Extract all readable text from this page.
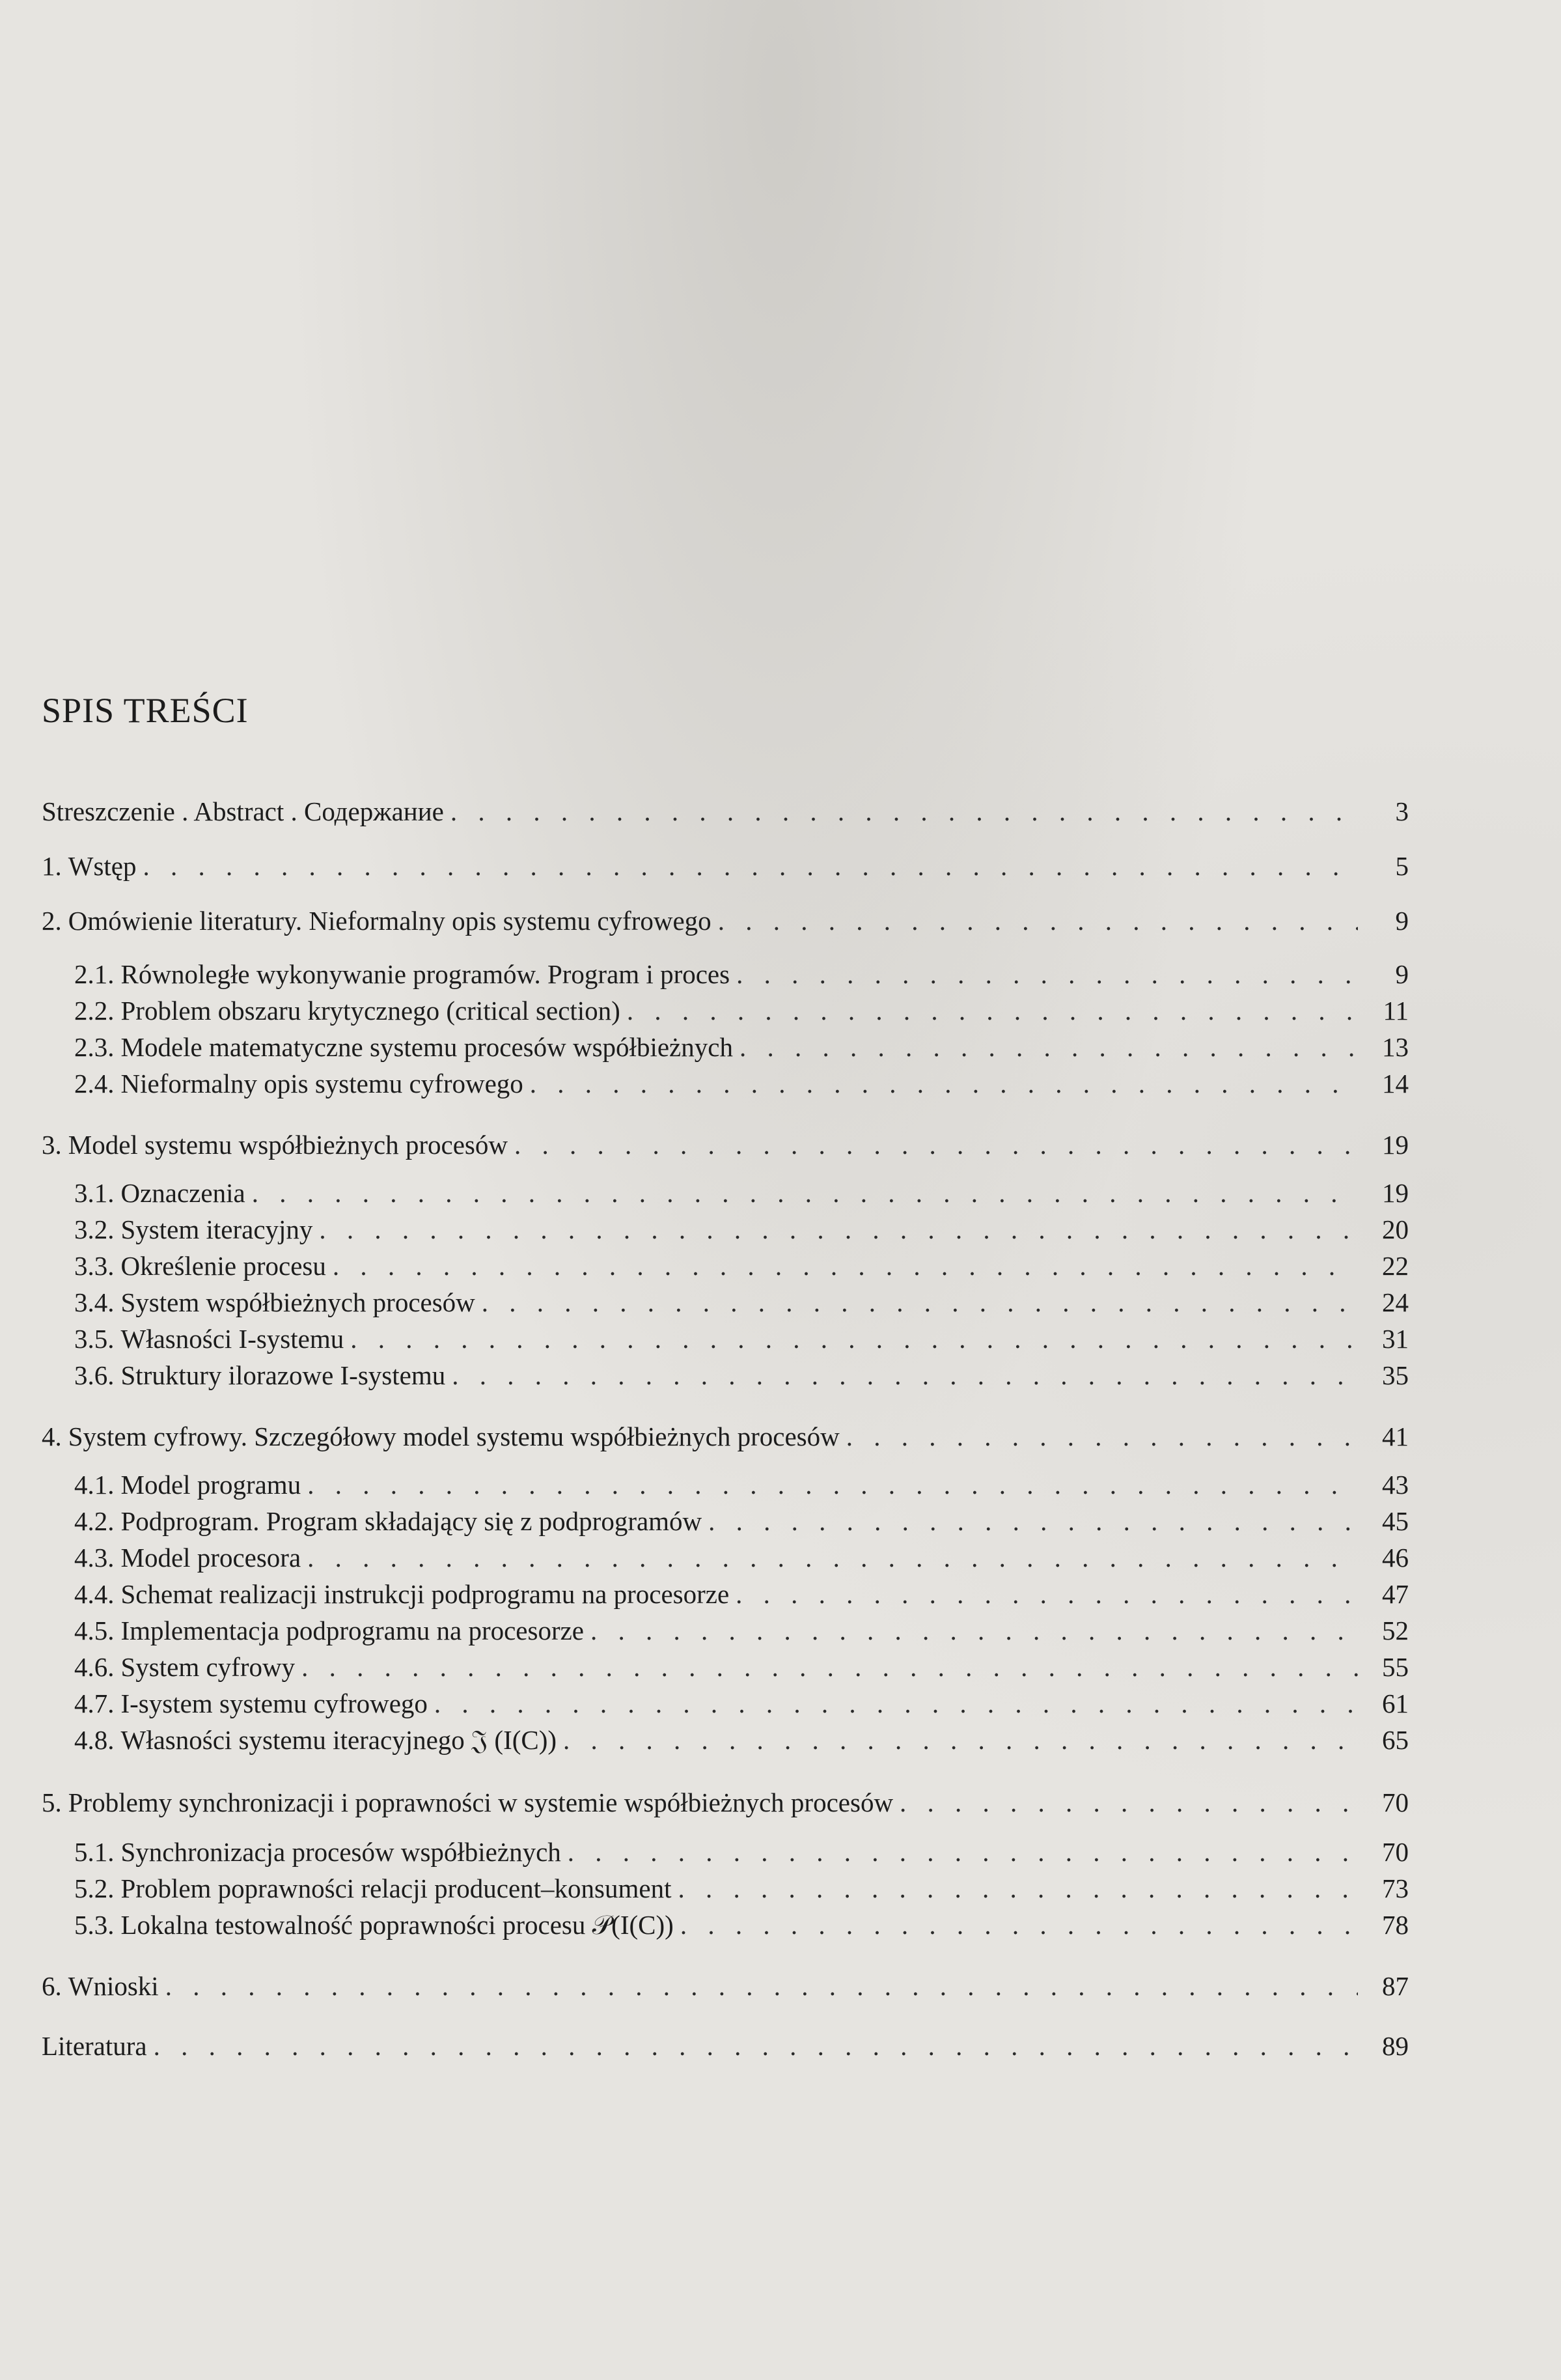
SPIS TREŚCI
Streszczenie . Abstract . Содержание . . .	3
1. Wstęp . . .	5
2. Omówienie literatury. Nieformalny opis systemu cyfrowego . . .	9
2.1. Równoległe wykonywanie programów. Program i proces . . .	9
2.2. Problem obszaru krytycznego (critical section) . . .	11
2.3. Modele matematyczne systemu procesów współbieżnych . . .	13
2.4. Nieformalny opis systemu cyfrowego . . .	14
3. Model systemu współbieżnych procesów . . .	19
3.1. Oznaczenia . . .	19
3.2. System iteracyjny . . .	20
3.3. Określenie procesu . . .	22
3.4. System współbieżnych procesów . . .	24
3.5. Własności I-systemu . . .	31
3.6. Struktury ilorazowe I-systemu . . .	35
4. System cyfrowy. Szczegółowy model systemu współbieżnych procesów . . .	41
4.1. Model programu . . .	43
4.2. Podprogram. Program składający się z podprogramów . . .	45
4.3. Model procesora . . .	46
4.4. Schemat realizacji instrukcji podprogramu na procesorze . . .	47
4.5. Implementacja podprogramu na procesorze . . .	52
4.6. System cyfrowy . . .	55
4.7. I-system systemu cyfrowego . . .	61
4.8. Własności systemu iteracyjnego 𝔍 (I(C)) . . .	65
5. Problemy synchronizacji i poprawności w systemie współbieżnych procesów . . .	70
5.1. Synchronizacja procesów współbieżnych . . .	70
5.2. Problem poprawności relacji producent–konsument . . .	73
5.3. Lokalna testowalność poprawności procesu 𝒫(I(C)) . . .	78
6. Wnioski . . .	87
Literatura . . .	89
